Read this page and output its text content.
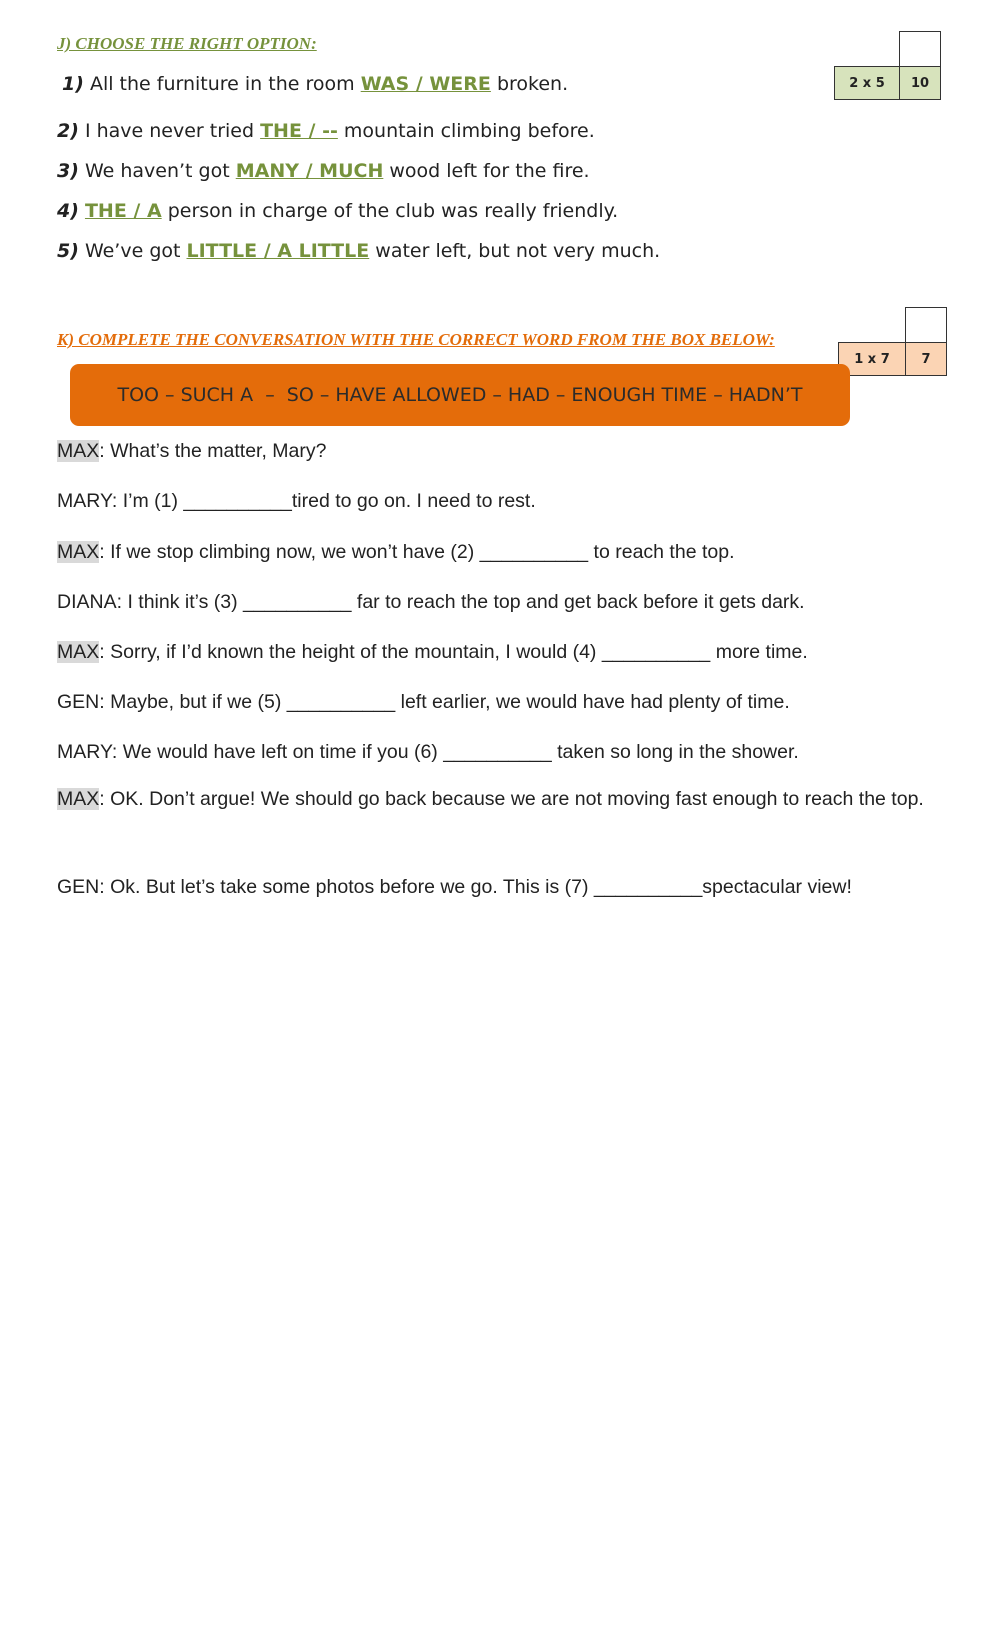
J) CHOOSE THE RIGHT OPTION:

2 x 5	10
1) All the furniture in the room WAS / WERE broken.
2) I have never tried THE / -- mountain climbing before.
3) We haven’t got MANY / MUCH wood left for the fire.
4) THE / A person in charge of the club was really friendly.
5) We’ve got LITTLE / A LITTLE water left, but not very much.
K) COMPLETE THE CONVERSATION WITH THE CORRECT WORD FROM THE BOX BELOW:

1 x 7	7
TOO – SUCH A  –  SO – HAVE ALLOWED – HAD – ENOUGH TIME – HADN’T
MAX: What’s the matter, Mary?
MARY: I’m (1) __________tired to go on. I need to rest.
MAX: If we stop climbing now, we won’t have (2) __________ to reach the top.
DIANA: I think it’s (3) __________ far to reach the top and get back before it gets dark.
MAX: Sorry, if I’d known the height of the mountain, I would (4) __________ more time.
GEN: Maybe, but if we (5) __________ left earlier, we would have had plenty of time.
MARY: We would have left on time if you (6) __________ taken so long in the shower.
MAX: OK. Don’t argue! We should go back because we are not moving fast enough to reach the top.
GEN: Ok. But let’s take some photos before we go. This is (7) __________spectacular view!
